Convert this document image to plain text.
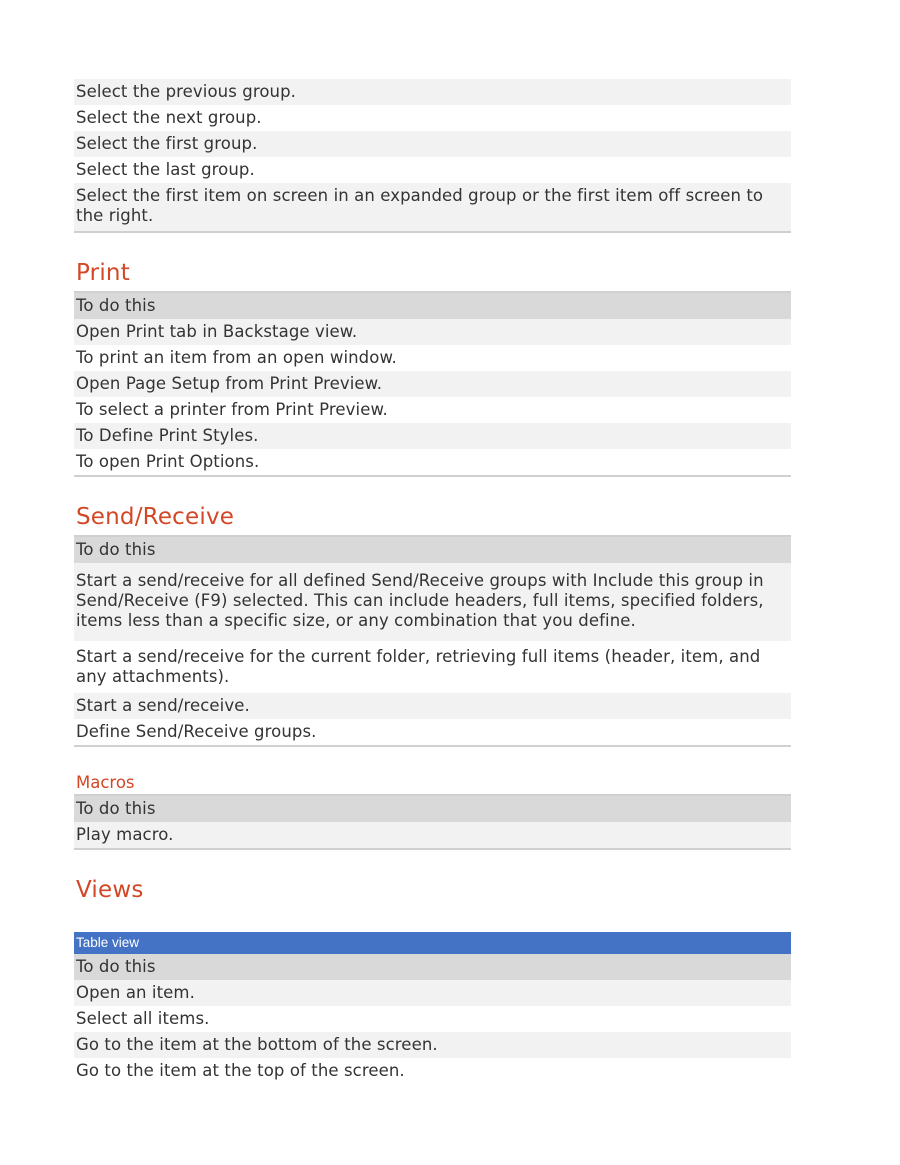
Select the previous group.
Select the next group.
Select the first group.
Select the last group.
Select the first item on screen in an expanded group or the first item off screen to the right.
Print
To do this
Open Print tab in Backstage view.
To print an item from an open window.
Open Page Setup from Print Preview.
To select a printer from Print Preview.
To Define Print Styles.
To open Print Options.
Send/Receive
To do this
Start a send/receive for all defined Send/Receive groups with Include this group in Send/Receive (F9) selected. This can include headers, full items, specified folders, items less than a specific size, or any combination that you define.
Start a send/receive for the current folder, retrieving full items (header, item, and any attachments).
Start a send/receive.
Define Send/Receive groups.
Macros
To do this
Play macro.
Views
Table view
To do this
Open an item.
Select all items.
Go to the item at the bottom of the screen.
Go to the item at the top of the screen.
